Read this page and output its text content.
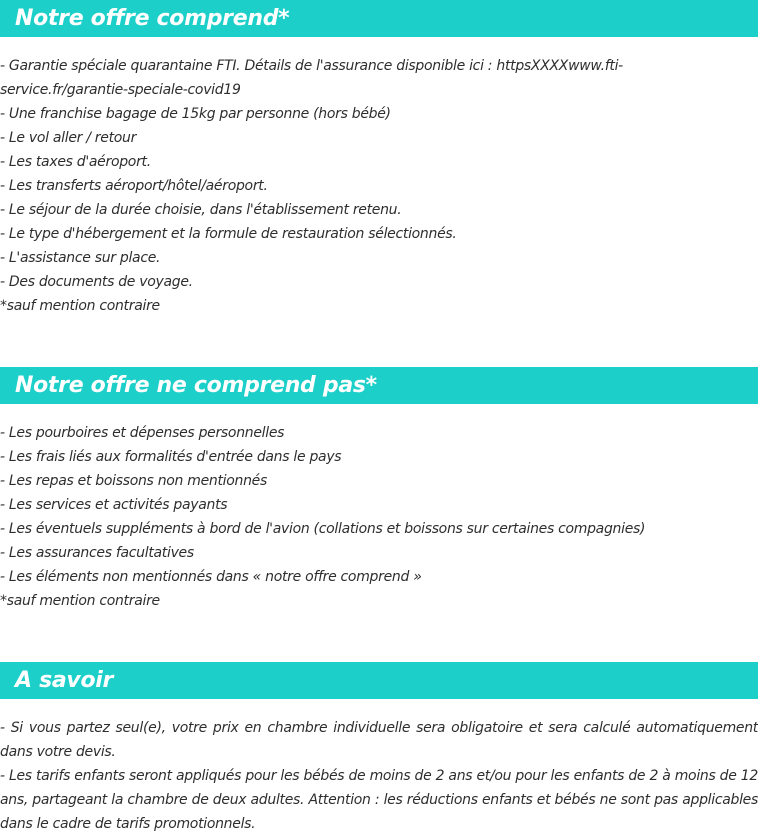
Notre offre comprend*
- Garantie spéciale quarantaine FTI. Détails de l'assurance disponible ici : httpsXXXXwww.fti-service.fr/garantie-speciale-covid19
- Une franchise bagage de 15kg par personne (hors bébé)
- Le vol aller / retour
- Les taxes d'aéroport.
- Les transferts aéroport/hôtel/aéroport.
- Le séjour de la durée choisie, dans l'établissement retenu.
- Le type d'hébergement et la formule de restauration sélectionnés.
- L'assistance sur place.
- Des documents de voyage.
*sauf mention contraire
Notre offre ne comprend pas*
- Les pourboires et dépenses personnelles
- Les frais liés aux formalités d'entrée dans le pays
- Les repas et boissons non mentionnés
- Les services et activités payants
- Les éventuels suppléments à bord de l'avion (collations et boissons sur certaines compagnies)
- Les assurances facultatives
- Les éléments non mentionnés dans « notre offre comprend »
*sauf mention contraire
A savoir

- Si vous partez seul(e), votre prix en chambre individuelle sera obligatoire et sera calculé automatiquement dans votre devis.

- Les tarifs enfants seront appliqués pour les bébés de moins de 2 ans et/ou pour les enfants de 2 à moins de 12 ans, partageant la chambre de deux adultes. Attention : les réductions enfants et bébés ne sont pas applicables dans le cadre de tarifs promotionnels.
